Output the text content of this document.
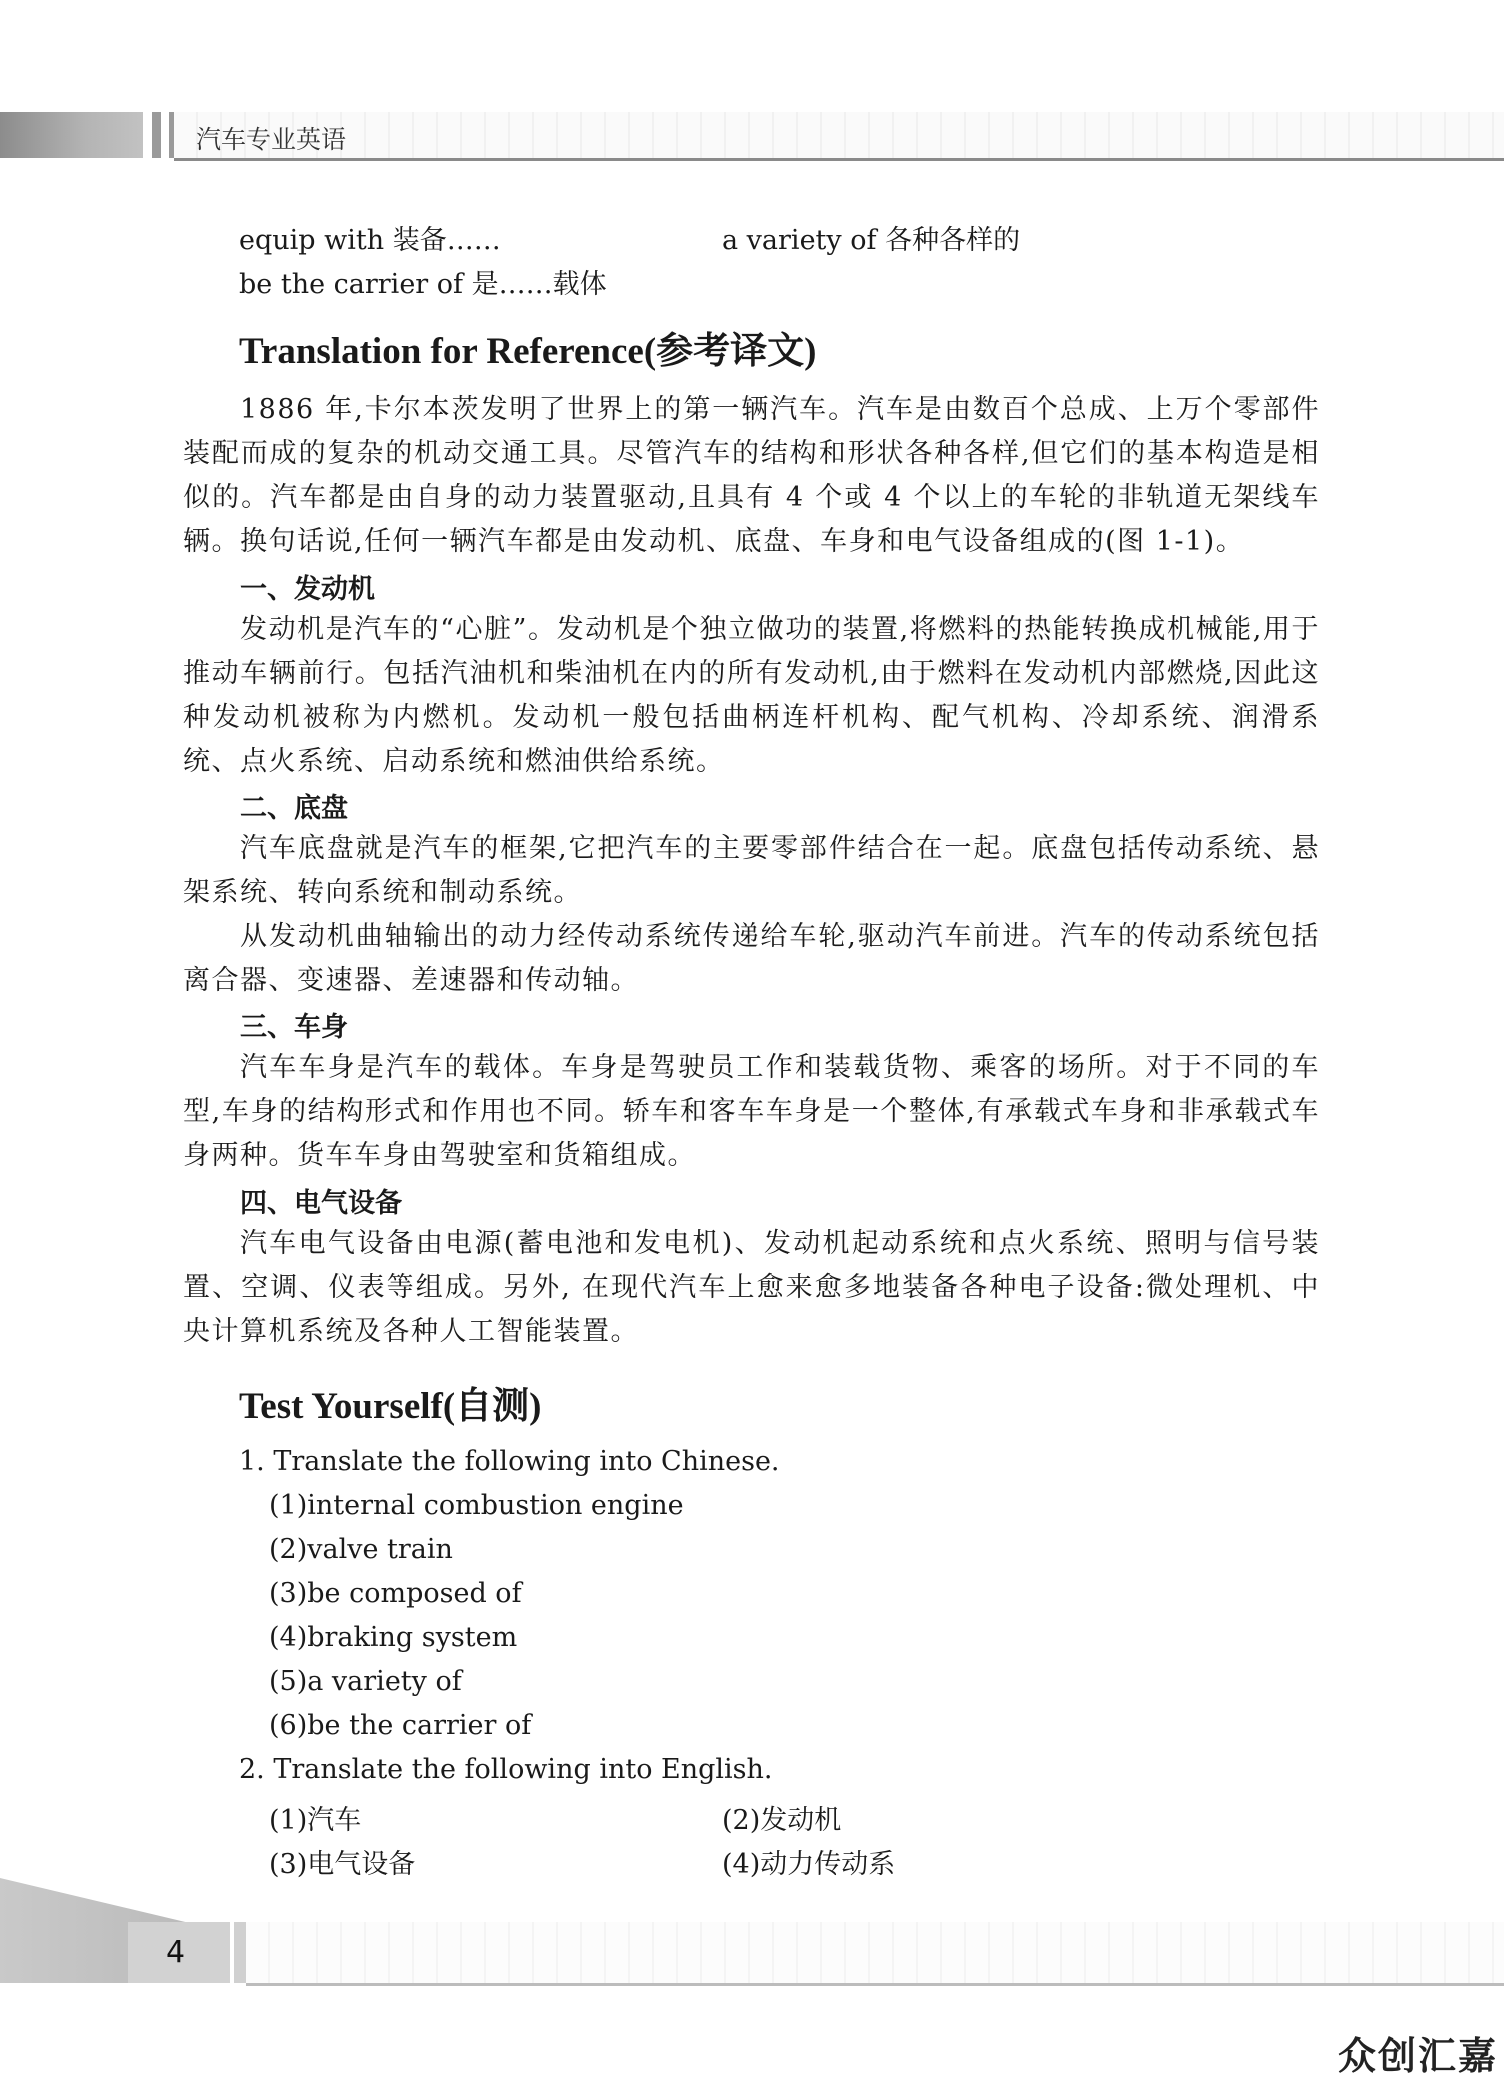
汽车专业英语
equip with 装备……	a variety of 各种各样的
be the carrier of 是……载体
Translation for Reference(参考译文)

1886 年,卡尔本茨发明了世界上的第一辆汽车。汽车是由数百个总成、上万个零部件装配而成的复杂的机动交通工具。尽管汽车的结构和形状各种各样,但它们的基本构造是相似的。汽车都是由自身的动力装置驱动,且具有 4 个或 4 个以上的车轮的非轨道无架线车辆。换句话说,任何一辆汽车都是由发动机、底盘、车身和电气设备组成的(图 1-1)。

一、发动机

发动机是汽车的“心脏”。发动机是个独立做功的装置,将燃料的热能转换成机械能,用于推动车辆前行。包括汽油机和柴油机在内的所有发动机,由于燃料在发动机内部燃烧,因此这种发动机被称为内燃机。发动机一般包括曲柄连杆机构、配气机构、冷却系统、润滑系统、点火系统、启动系统和燃油供给系统。

二、底盘

汽车底盘就是汽车的框架,它把汽车的主要零部件结合在一起。底盘包括传动系统、悬架系统、转向系统和制动系统。

从发动机曲轴输出的动力经传动系统传递给车轮,驱动汽车前进。汽车的传动系统包括离合器、变速器、差速器和传动轴。

三、车身

汽车车身是汽车的载体。车身是驾驶员工作和装载货物、乘客的场所。对于不同的车型,车身的结构形式和作用也不同。轿车和客车车身是一个整体,有承载式车身和非承载式车身两种。货车车身由驾驶室和货箱组成。

四、电气设备

汽车电气设备由电源(蓄电池和发电机)、发动机起动系统和点火系统、照明与信号装置、空调、仪表等组成。另外, 在现代汽车上愈来愈多地装备各种电子设备:微处理机、中央计算机系统及各种人工智能装置。

Test Yourself(自测)
1. Translate the following into Chinese.
(1)internal combustion engine
(2)valve train
(3)be composed of
(4)braking system
(5)a variety of
(6)be the carrier of
2. Translate the following into English.
(1)汽车	(2)发动机
(3)电气设备	(4)动力传动系
4
众创汇嘉
